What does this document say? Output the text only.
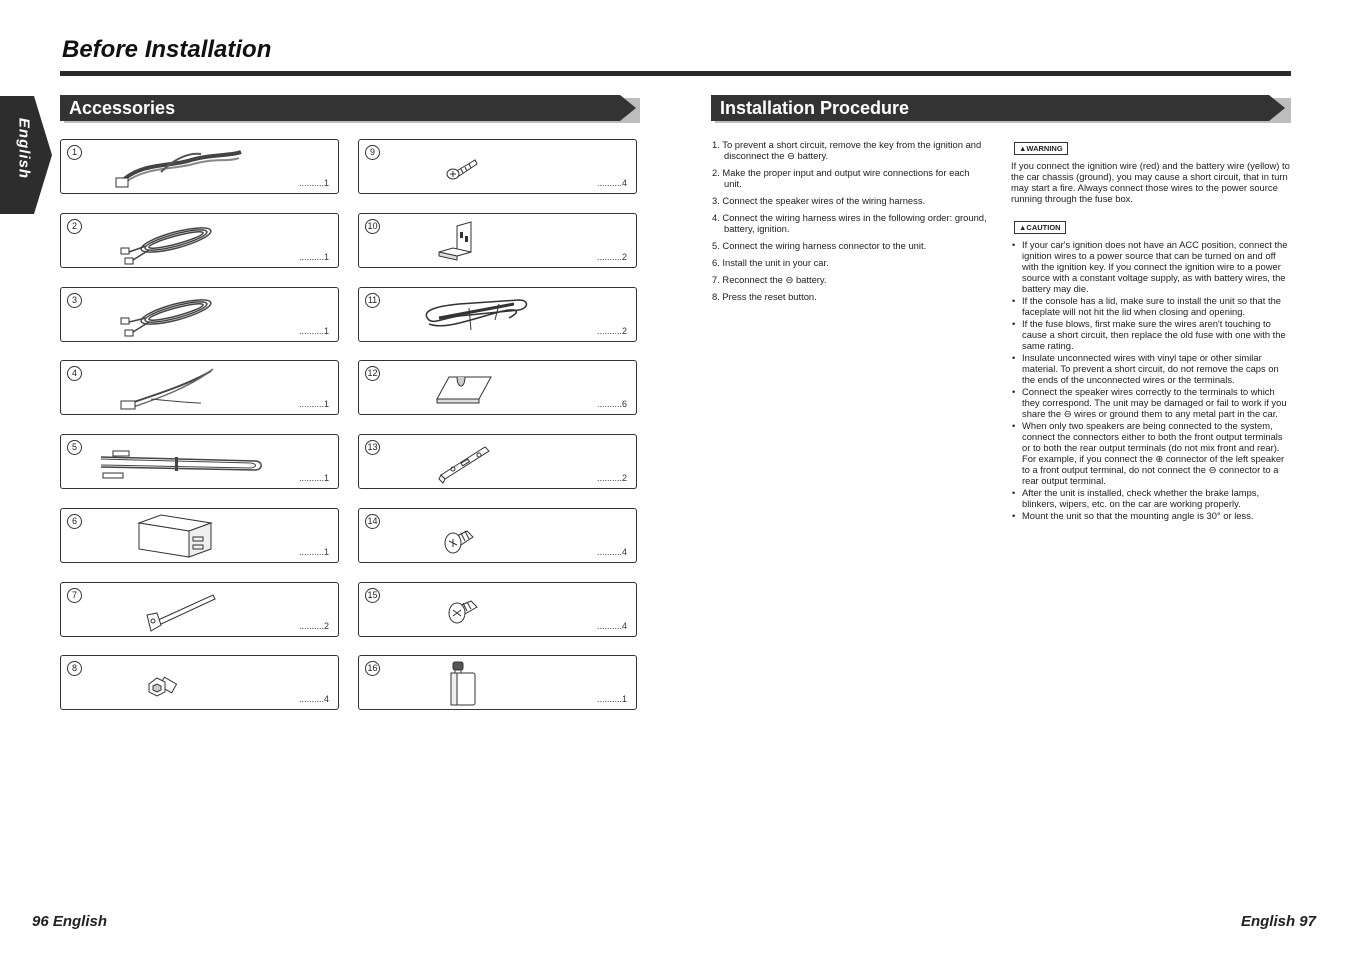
Before Installation
English
Accessories	Installation Procedure
1
..........1
2
..........1
3
..........1
4
..........1
5
..........1
6
..........1
7
..........2
8
..........4
9
..........4
10
..........2
11
..........2
12
..........6
13
..........2
14
..........4
15
..........4
16
..........1
1. To prevent a short circuit, remove the key from the ignition and disconnect the ⊖ battery.
2. Make the proper input and output wire connections for each unit.
3. Connect the speaker wires of the wiring harness.
4. Connect the wiring harness wires in the following order: ground, battery, ignition.
5. Connect the wiring harness connector to the unit.
6. Install the unit in your car.
7. Reconnect the ⊖ battery.
8. Press the reset button.
▲WARNING
If you connect the ignition wire (red) and the battery wire (yellow) to the car chassis (ground), you may cause a short circuit, that in turn may start a fire. Always connect those wires to the power source running through the fuse box.
▲CAUTION
• If your car's ignition does not have an ACC position, connect the ignition wires to a power source that can be turned on and off with the ignition key. If you connect the ignition wire to a power source with a constant voltage supply, as with battery wires, the battery may die.
• If the console has a lid, make sure to install the unit so that the faceplate will not hit the lid when closing and opening.
• If the fuse blows, first make sure the wires aren't touching to cause a short circuit, then replace the old fuse with one with the same rating.
• Insulate unconnected wires with vinyl tape or other similar material. To prevent a short circuit, do not remove the caps on the ends of the unconnected wires or the terminals.
• Connect the speaker wires correctly to the terminals to which they correspond. The unit may be damaged or fail to work if you share the ⊖ wires or ground them to any metal part in the car.
• When only two speakers are being connected to the system, connect the connectors either to both the front output terminals or to both the rear output terminals (do not mix front and rear). For example, if you connect the ⊕ connector of the left speaker to a front output terminal, do not connect the ⊖ connector to a rear output terminal.
• After the unit is installed, check whether the brake lamps, blinkers, wipers, etc. on the car are working properly.
• Mount the unit so that the mounting angle is 30° or less.
96 English	English 97
